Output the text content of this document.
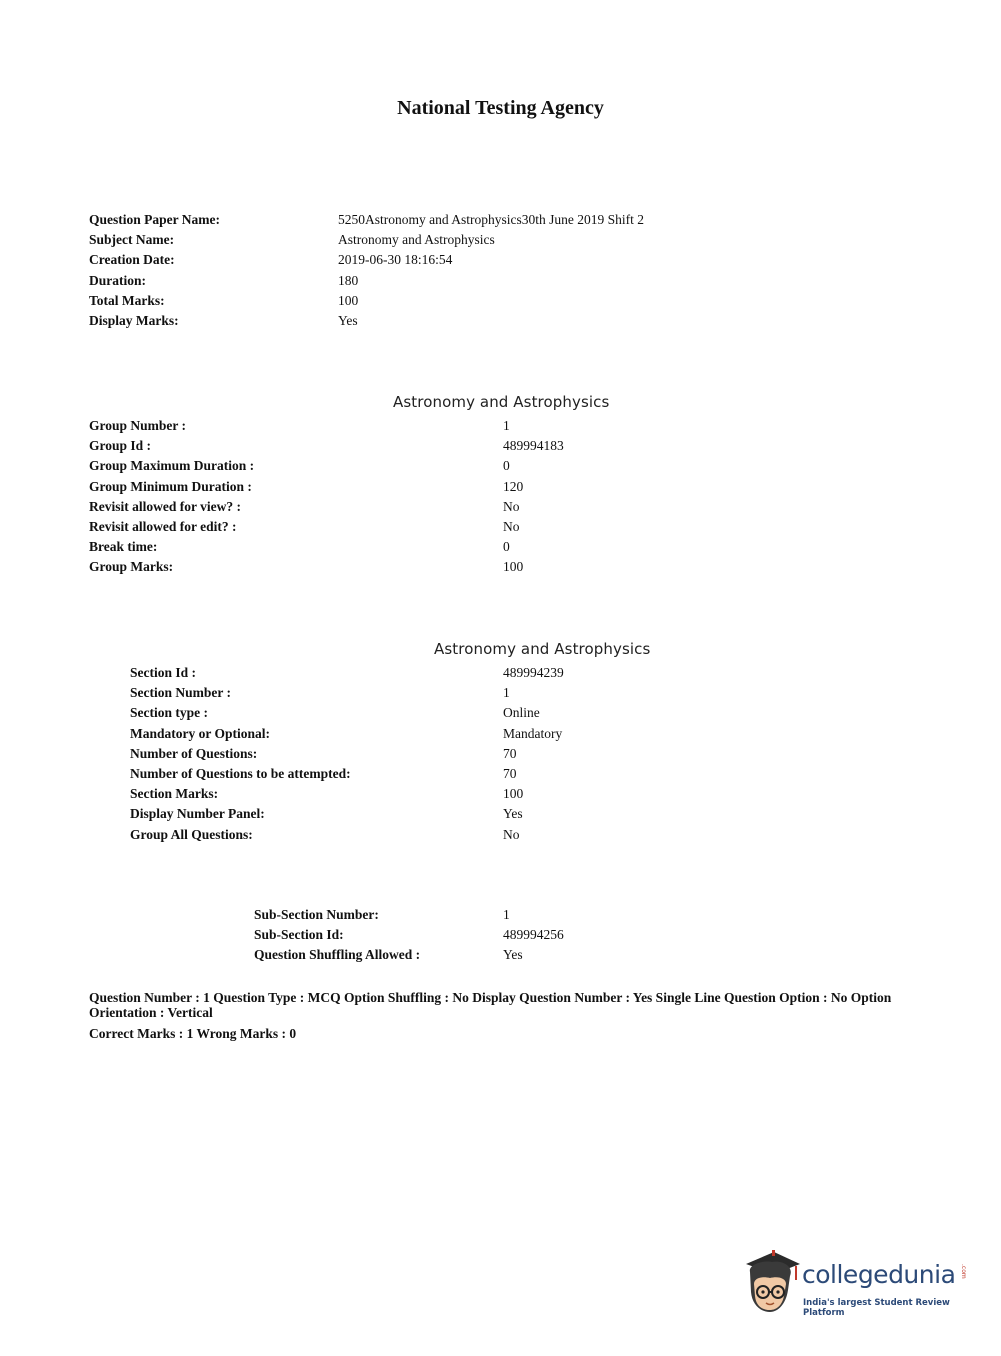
National Testing Agency
Question Paper Name:	5250Astronomy and Astrophysics30th June 2019 Shift 2
Subject Name:	Astronomy and Astrophysics
Creation Date:	2019-06-30 18:16:54
Duration:	180
Total Marks:	100
Display Marks:	Yes
Astronomy and Astrophysics
Group Number :	1
Group Id :	489994183
Group Maximum Duration :	0
Group Minimum Duration :	120
Revisit allowed for view? :	No
Revisit allowed for edit? :	No
Break time:	0
Group Marks:	100
Astronomy and Astrophysics
Section Id :	489994239
Section Number :	1
Section type :	Online
Mandatory or Optional:	Mandatory
Number of Questions:	70
Number of Questions to be attempted:	70
Section Marks:	100
Display Number Panel:	Yes
Group All Questions:	No
Sub-Section Number:	1
Sub-Section Id:	489994256
Question Shuffling Allowed :	Yes

Question Number : 1 Question Type : MCQ Option Shuffling : No Display Question Number : Yes Single Line Question Option : No Option Orientation : Vertical

Correct Marks : 1 Wrong Marks : 0

collegedunia .com
India's largest Student Review Platform
